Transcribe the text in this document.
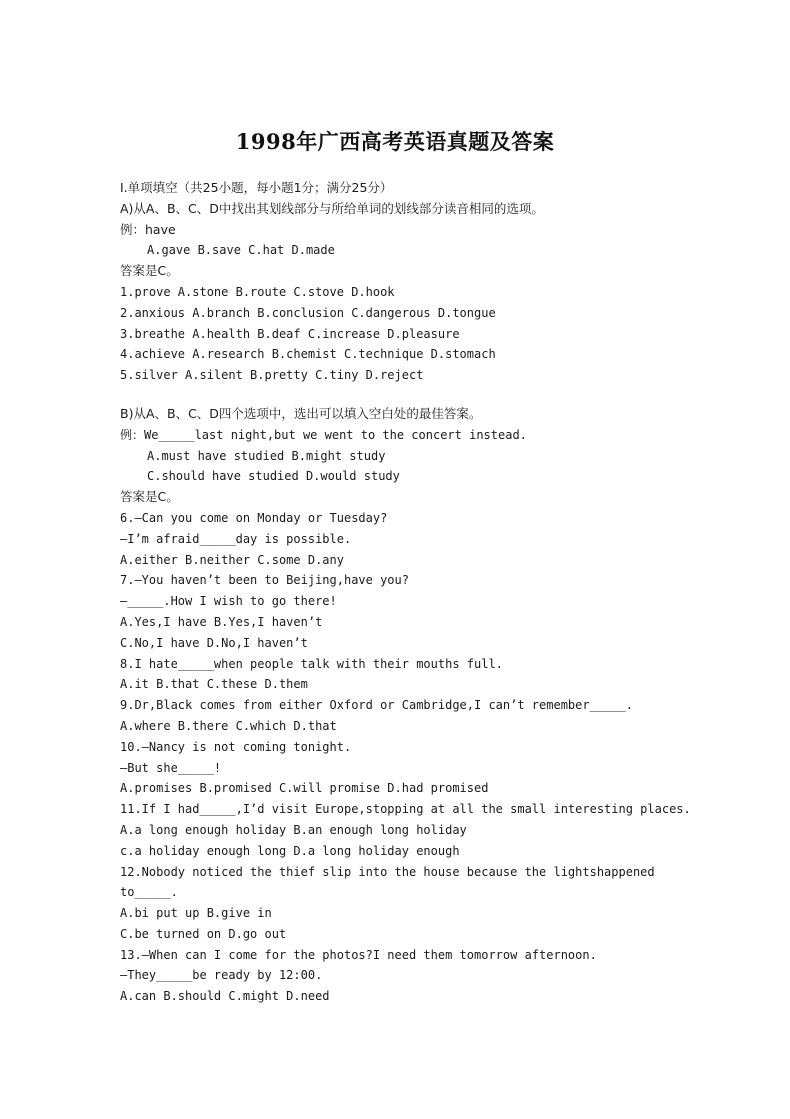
1998年广西高考英语真题及答案
Ⅰ.单项填空（共25小题，每小题1分；满分25分）
A)从A、B、C、D中找出其划线部分与所给单词的划线部分读音相同的选项。
例：have
A.gave B.save C.hat D.made
答案是C。
1.prove A.stone B.route C.stove D.hook
2.anxious A.branch B.conclusion C.dangerous D.tongue
3.breathe A.health B.deaf C.increase D.pleasure
4.achieve A.research B.chemist C.technique D.stomach
5.silver A.silent B.pretty C.tiny D.reject
B)从A、B、C、D四个选项中，选出可以填入空白处的最佳答案。
例：We_____last night,but we went to the concert instead.
A.must have studied B.might study
C.should have studied D.would study
答案是C。
6.—Can you come on Monday or Tuesday?
—I’m afraid_____day is possible.
A.either B.neither C.some D.any
7.—You haven’t been to Beijing,have you?
—_____.How I wish to go there!
A.Yes,I have B.Yes,I haven’t
C.No,I have D.No,I haven’t
8.I hate_____when people talk with their mouths full.
A.it B.that C.these D.them
9.Dr,Black comes from either Oxford or Cambridge,I can’t remember_____.
A.where B.there C.which D.that
10.—Nancy is not coming tonight.
—But she_____!
A.promises B.promised C.will promise D.had promised
11.If I had_____,I’d visit Europe,stopping at all the small interesting places.
A.a long enough holiday B.an enough long holiday
c.a holiday enough long D.a long holiday enough
12.Nobody noticed the thief slip into the house because the lightshappened
to_____.
A.bi put up B.give in
C.be turned on D.go out
13.—When can I come for the photos?I need them tomorrow afternoon.
—They_____be ready by 12:00.
A.can B.should C.might D.need
